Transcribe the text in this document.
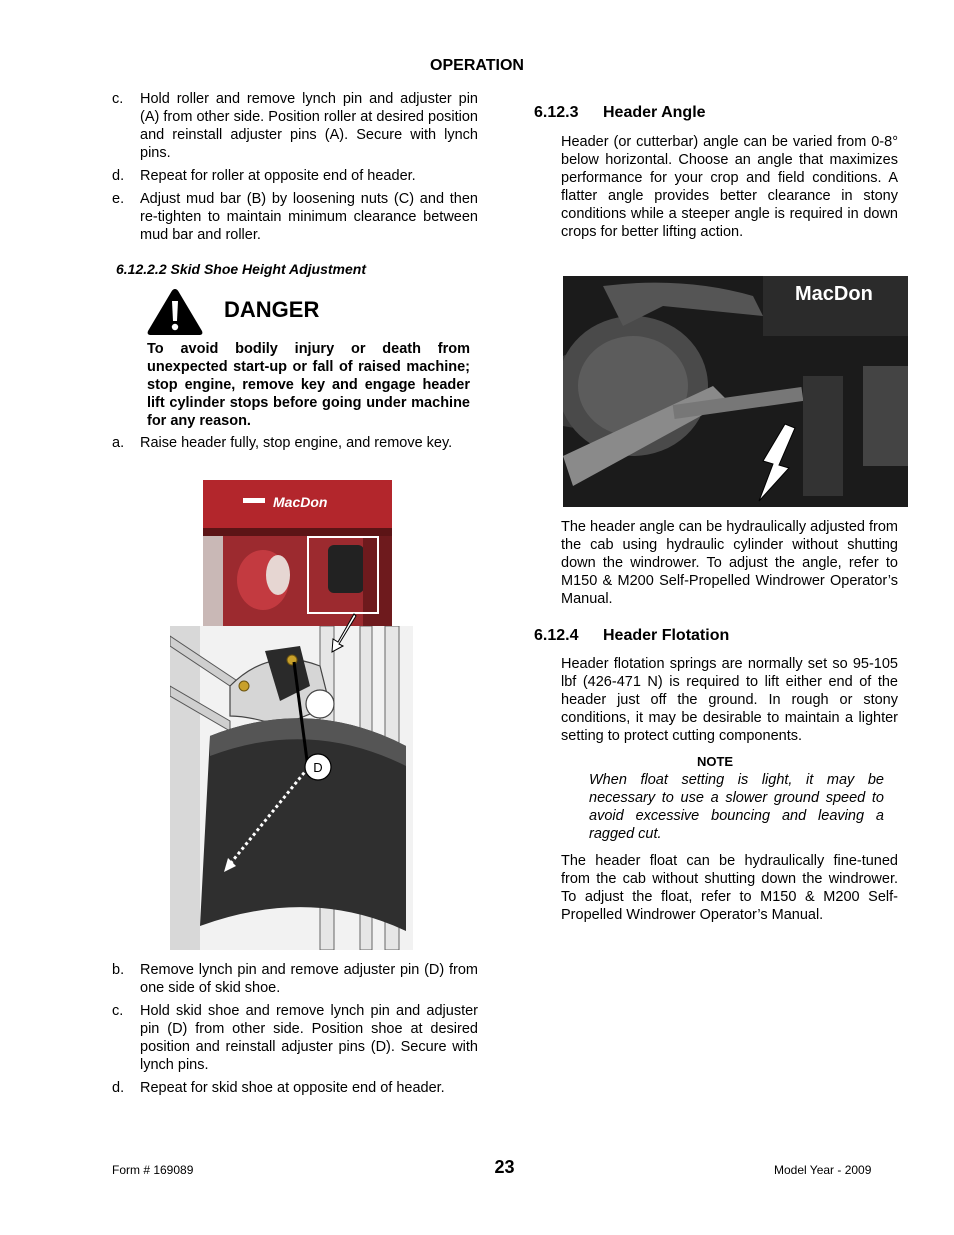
OPERATION
c.	Hold roller and remove lynch pin and adjuster pin (A) from other side. Position roller at desired position and reinstall adjuster pins (A). Secure with lynch pins.
d.	Repeat for roller at opposite end of header.
e.	Adjust mud bar (B) by loosening nuts (C) and then re-tighten to maintain minimum clearance between mud bar and roller.
6.12.2.2 Skid Shoe Height Adjustment
DANGER
To avoid bodily injury or death from unexpected start-up or fall of raised machine; stop engine, remove key and engage header lift cylinder stops before going under machine for any reason.
a.	Raise header fully, stop engine, and remove key.
MacDon
D
b.	Remove lynch pin and remove adjuster pin (D) from one side of skid shoe.
c.	Hold skid shoe and remove lynch pin and adjuster pin (D) from other side. Position shoe at desired position and reinstall adjuster pins (D). Secure with lynch pins.
d.	Repeat for skid shoe at opposite end of header.
6.12.3	Header Angle
Header (or cutterbar) angle can be varied from 0-8° below horizontal. Choose an angle that maximizes performance for your crop and field conditions. A flatter angle provides better clearance in stony conditions while a steeper angle is required in down crops for better lifting action.
MacDon
The header angle can be hydraulically adjusted from the cab using hydraulic cylinder without shutting down the windrower. To adjust the angle, refer to M150 & M200 Self-Propelled Windrower Operator’s Manual.
6.12.4	Header Flotation
Header flotation springs are normally set so 95-105 lbf (426-471 N) is required to lift either end of the header just off the ground. In rough or stony conditions, it may be desirable to maintain a lighter setting to protect cutting components.
NOTE
When float setting is light, it may be necessary to use a slower ground speed to avoid excessive bouncing and leaving a ragged cut.
The header float can be hydraulically fine-tuned from the cab without shutting down the windrower. To adjust the float, refer to M150 & M200 Self-Propelled Windrower Operator’s Manual.
Form # 169089	23	Model Year - 2009
